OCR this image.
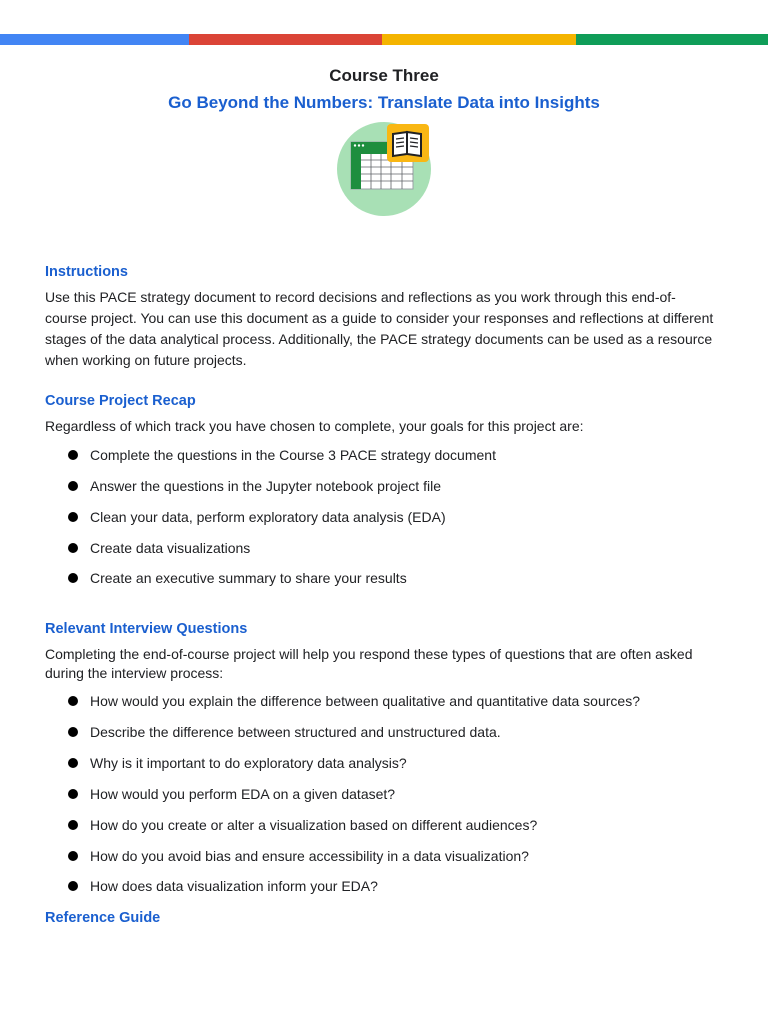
Course Three
Go Beyond the Numbers: Translate Data into Insights
Instructions
Use this PACE strategy document to record decisions and reflections as you work through this end-of-
course project. You can use this document as a guide to consider your responses and reflections at different
stages of the data analytical process. Additionally, the PACE strategy documents can be used as a resource
when working on future projects.
Course Project Recap
Regardless of which track you have chosen to complete, your goals for this project are:
Complete the questions in the Course 3 PACE strategy document
Answer the questions in the Jupyter notebook project file
Clean your data, perform exploratory data analysis (EDA)
Create data visualizations
Create an executive summary to share your results
Relevant Interview Questions
Completing the end-of-course project will help you respond these types of questions that are often asked
during the interview process:
How would you explain the difference between qualitative and quantitative data sources?
Describe the difference between structured and unstructured data.
Why is it important to do exploratory data analysis?
How would you perform EDA on a given dataset?
How do you create or alter a visualization based on different audiences?
How do you avoid bias and ensure accessibility in a data visualization?
How does data visualization inform your EDA?
Reference Guide
